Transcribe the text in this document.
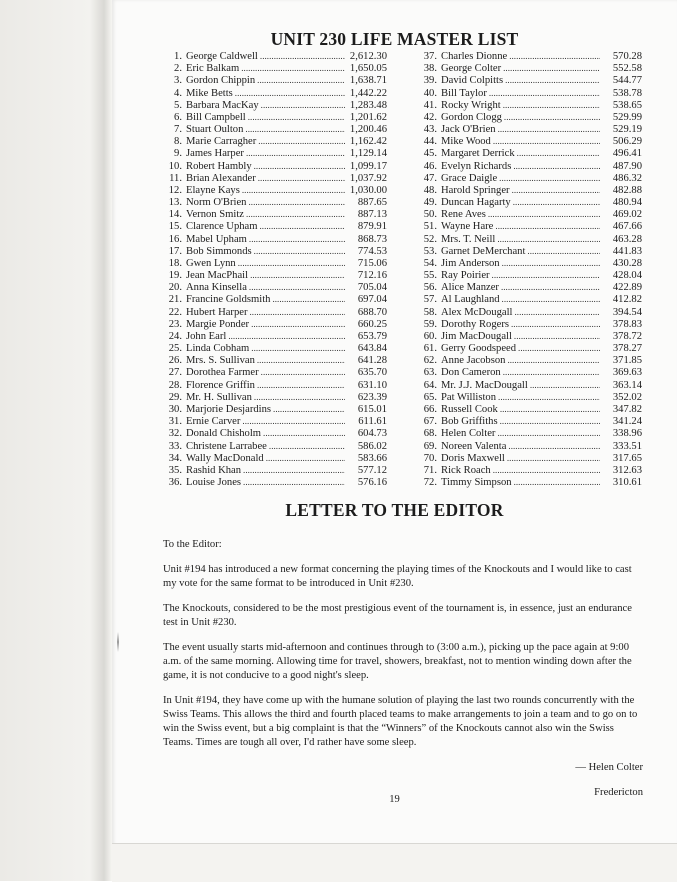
UNIT 230 LIFE MASTER LIST
1. George Caldwell . . .	2,612.30
2. Eric Balkam . . .	1,650.05
3. Gordon Chippin . . .	1,638.71
4. Mike Betts . . .	1,442.22
5. Barbara MacKay . . .	1,283.48
6. Bill Campbell . . .	1,201.62
7. Stuart Oulton . . .	1,200.46
8. Marie Carragher . . .	1,162.42
9. James Harper . . .	1,129.14
10. Robert Hambly . . .	1,099.17
11. Brian Alexander . . .	1,037.92
12. Elayne Kays . . .	1,030.00
13. Norm O'Brien . . .	887.65
14. Vernon Smitz . . .	887.13
15. Clarence Upham . . .	879.91
16. Mabel Upham . . .	868.73
17. Bob Simmonds . . .	774.53
18. Gwen Lynn . . .	715.06
19. Jean MacPhail . . .	712.16
20. Anna Kinsella . . .	705.04
21. Francine Goldsmith . . .	697.04
22. Hubert Harper . . .	688.70
23. Margie Ponder . . .	660.25
24. John Earl . . .	653.79
25. Linda Cobham . . .	643.84
26. Mrs. S. Sullivan . . .	641.28
27. Dorothea Farmer . . .	635.70
28. Florence Griffin . . .	631.10
29. Mr. H. Sullivan . . .	623.39
30. Marjorie Desjardins . . .	615.01
31. Ernie Carver . . .	611.61
32. Donald Chisholm . . .	604.73
33. Christene Larrabee . . .	586.02
34. Wally MacDonald . . .	583.66
35. Rashid Khan . . .	577.12
36. Louise Jones . . .	576.16
37. Charles Dionne . . .	570.28
38. George Colter . . .	552.58
39. David Colpitts . . .	544.77
40. Bill Taylor . . .	538.78
41. Rocky Wright . . .	538.65
42. Gordon Clogg . . .	529.99
43. Jack O'Brien . . .	529.19
44. Mike Wood . . .	506.29
45. Margaret Derrick . . .	496.41
46. Evelyn Richards . . .	487.90
47. Grace Daigle . . .	486.32
48. Harold Springer . . .	482.88
49. Duncan Hagarty . . .	480.94
50. Rene Aves . . .	469.02
51. Wayne Hare . . .	467.66
52. Mrs. T. Neill . . .	463.28
53. Garnet DeMerchant . . .	441.83
54. Jim Anderson . . .	430.28
55. Ray Poirier . . .	428.04
56. Alice Manzer . . .	422.89
57. Al Laughland . . .	412.82
58. Alex McDougall . . .	394.54
59. Dorothy Rogers . . .	378.83
60. Jim MacDougall . . .	378.72
61. Gerry Goodspeed . . .	378.27
62. Anne Jacobson . . .	371.85
63. Don Cameron . . .	369.63
64. Mr. J.J. MacDougall . . .	363.14
65. Pat Williston . . .	352.02
66. Russell Cook . . .	347.82
67. Bob Griffiths . . .	341.24
68. Helen Colter . . .	338.96
69. Noreen Valenta . . .	333.51
70. Doris Maxwell . . .	317.65
71. Rick Roach . . .	312.63
72. Timmy Simpson . . .	310.61
LETTER TO THE EDITOR

To the Editor:

Unit #194 has introduced a new format concerning the playing times of the Knockouts and I would like to cast my vote for the same format to be introduced in Unit #230.

The Knockouts, considered to be the most prestigious event of the tournament is, in essence, just an endurance test in Unit #230.

The event usually starts mid-afternoon and continues through to (3:00 a.m.), picking up the pace again at 9:00 a.m. of the same morning. Allowing time for travel, showers, breakfast, not to mention winding down after the game, it is not conducive to a good night's sleep.

In Unit #194, they have come up with the humane solution of playing the last two rounds concurrently with the Swiss Teams. This allows the third and fourth placed teams to make arrangements to join a team and to go on to win the Swiss event, but a big complaint is that the “Winners” of the Knockouts cannot also win the Swiss Teams. Times are tough all over, I'd rather have some sleep.

— Helen Colter

Fredericton

19
